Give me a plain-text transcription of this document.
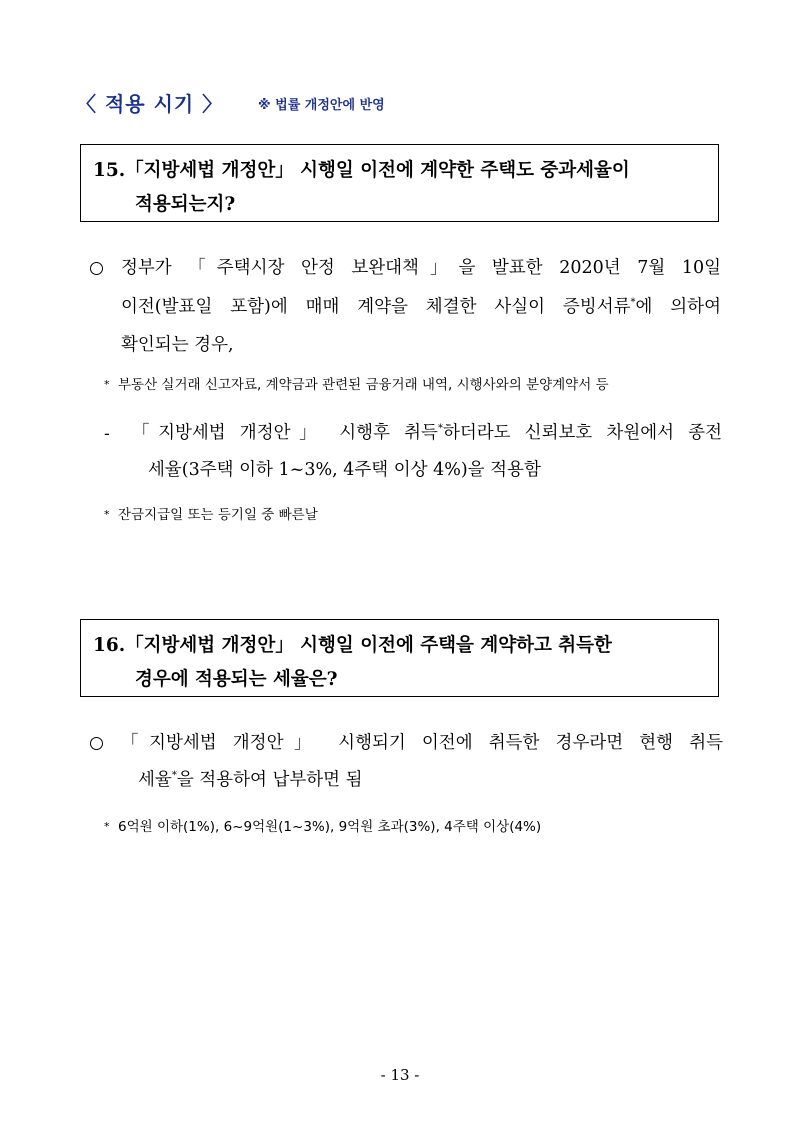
〈 적용 시기 〉	※ 법률 개정안에 반영
15.「지방세법 개정안」 시행일 이전에 계약한 주택도 중과세율이
적용되는지?
정부가 「주택시장 안정 보완대책」을 발표한 2020년 7월 10일
이전(발표일 포함)에 매매 계약을 체결한 사실이 증빙서류*에 의하여
확인되는 경우,
* 부동산 실거래 신고자료, 계약금과 관련된 금융거래 내역, 시행사와의 분양계약서 등
- 「지방세법 개정안」 시행후 취득*하더라도 신뢰보호 차원에서 종전
세율(3주택 이하 1~3%, 4주택 이상 4%)을 적용함
* 잔금지급일 또는 등기일 중 빠른날
16.「지방세법 개정안」 시행일 이전에 주택을 계약하고 취득한
경우에 적용되는 세율은?
「지방세법 개정안」 시행되기 이전에 취득한 경우라면 현행 취득
세율*을 적용하여 납부하면 됨
* 6억원 이하(1%), 6~9억원(1~3%), 9억원 초과(3%), 4주택 이상(4%)
- 13 -
